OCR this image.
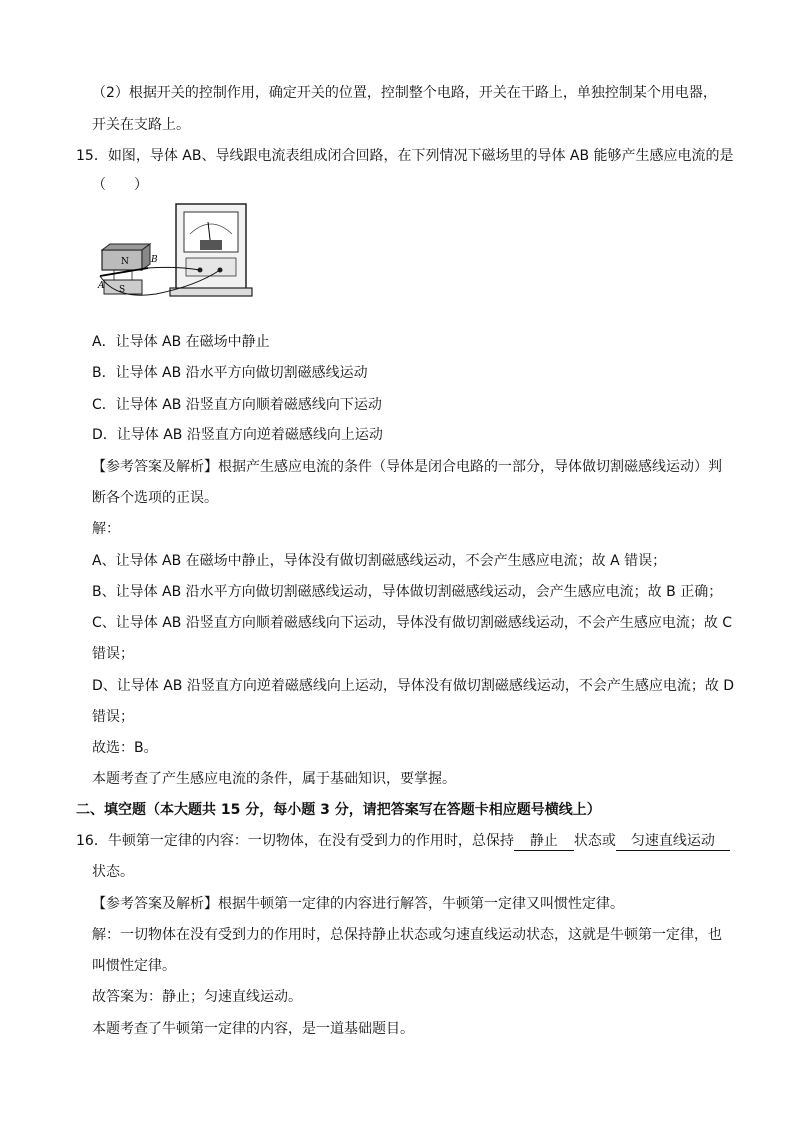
（2）根据开关的控制作用，确定开关的位置，控制整个电路，开关在干路上，单独控制某个用电器，
开关在支路上。
15．如图，导体 AB、导线跟电流表组成闭合回路，在下列情况下磁场里的导体 AB 能够产生感应电流的是
（　　）
N
S
A
B
A．让导体 AB 在磁场中静止
B．让导体 AB 沿水平方向做切割磁感线运动
C．让导体 AB 沿竖直方向顺着磁感线向下运动
D．让导体 AB 沿竖直方向逆着磁感线向上运动
【参考答案及解析】根据产生感应电流的条件（导体是闭合电路的一部分，导体做切割磁感线运动）判
断各个选项的正误。
解：
A、让导体 AB 在磁场中静止，导体没有做切割磁感线运动，不会产生感应电流；故 A 错误；
B、让导体 AB 沿水平方向做切割磁感线运动，导体做切割磁感线运动，会产生感应电流；故 B 正确；
C、让导体 AB 沿竖直方向顺着磁感线向下运动，导体没有做切割磁感线运动，不会产生感应电流；故 C
错误；
D、让导体 AB 沿竖直方向逆着磁感线向上运动，导体没有做切割磁感线运动，不会产生感应电流；故 D
错误；
故选：B。
本题考查了产生感应电流的条件，属于基础知识，要掌握。
二、填空题（本大题共 15 分，每小题 3 分，请把答案写在答题卡相应题号横线上）
16．牛顿第一定律的内容：一切物体，在没有受到力的作用时，总保持 静止 状态或 匀速直线运动
状态。
【参考答案及解析】根据牛顿第一定律的内容进行解答，牛顿第一定律又叫惯性定律。
解：一切物体在没有受到力的作用时，总保持静止状态或匀速直线运动状态，这就是牛顿第一定律，也
叫惯性定律。
故答案为：静止；匀速直线运动。
本题考查了牛顿第一定律的内容，是一道基础题目。
